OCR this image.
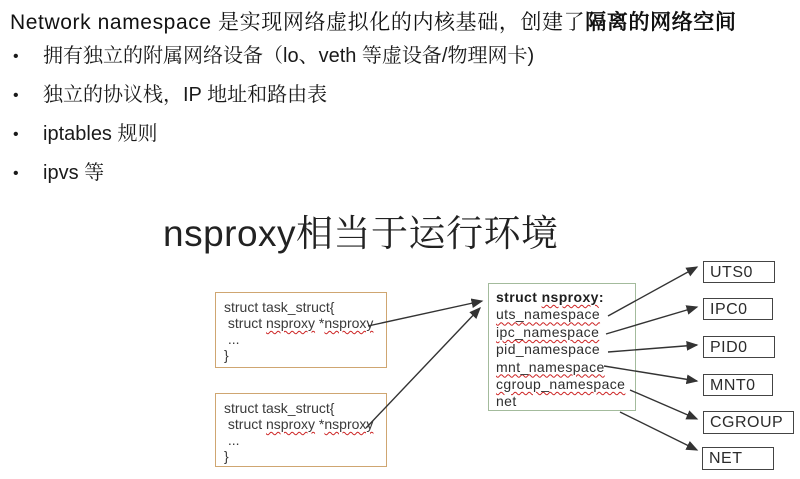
Network namespace 是实现网络虚拟化的内核基础，创建了隔离的网络空间
•	拥有独立的附属网络设备（lo、veth 等虚设备/物理网卡)
•	独立的协议栈，IP 地址和路由表
•	iptables 规则
•	ipvs 等
nsproxy相当于运行环境
struct task_struct{
struct nsproxy *nsproxy
...
}
struct task_struct{
struct nsproxy *nsproxy
...
}
struct nsproxy:
uts_namespace
ipc_namespace
pid_namespace
mnt_namespace
cgroup_namespace
net
UTS0
IPC0
PID0
MNT0
CGROUP
NET
